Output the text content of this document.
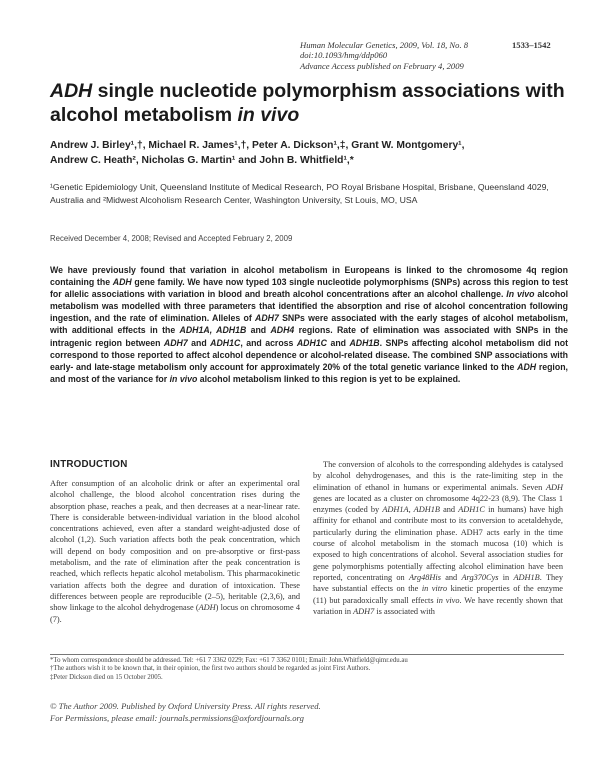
Human Molecular Genetics, 2009, Vol. 18, No. 8	1533–1542
doi:10.1093/hmg/ddp060
Advance Access published on February 4, 2009
ADH single nucleotide polymorphism associations with alcohol metabolism in vivo
Andrew J. Birley¹,†, Michael R. James¹,†, Peter A. Dickson¹,‡, Grant W. Montgomery¹,
Andrew C. Heath², Nicholas G. Martin¹ and John B. Whitfield¹,*
¹Genetic Epidemiology Unit, Queensland Institute of Medical Research, PO Royal Brisbane Hospital, Brisbane, Queensland 4029, Australia and ²Midwest Alcoholism Research Center, Washington University, St Louis, MO, USA
Received December 4, 2008; Revised and Accepted February 2, 2009
We have previously found that variation in alcohol metabolism in Europeans is linked to the chromosome 4q region containing the ADH gene family. We have now typed 103 single nucleotide polymorphisms (SNPs) across this region to test for allelic associations with variation in blood and breath alcohol concentrations after an alcohol challenge. In vivo alcohol metabolism was modelled with three parameters that identified the absorption and rise of alcohol concentration following ingestion, and the rate of elimination. Alleles of ADH7 SNPs were associated with the early stages of alcohol metabolism, with additional effects in the ADH1A, ADH1B and ADH4 regions. Rate of elimination was associated with SNPs in the intragenic region between ADH7 and ADH1C, and across ADH1C and ADH1B. SNPs affecting alcohol metabolism did not correspond to those reported to affect alcohol dependence or alcohol-related disease. The combined SNP associations with early- and late-stage metabolism only account for approximately 20% of the total genetic variance linked to the ADH region, and most of the variance for in vivo alcohol metabolism linked to this region is yet to be explained.
INTRODUCTION
After consumption of an alcoholic drink or after an experimental oral alcohol challenge, the blood alcohol concentration rises during the absorption phase, reaches a peak, and then decreases at a near-linear rate. There is considerable between-individual variation in the blood alcohol concentrations achieved, even after a standard weight-adjusted dose of alcohol (1,2). Such variation affects both the peak concentration, which will depend on body composition and on pre-absorptive or first-pass metabolism, and the rate of elimination after the peak concentration is reached, which reflects hepatic alcohol metabolism. This pharmacokinetic variation affects both the degree and duration of intoxication. These differences between people are reproducible (2–5), heritable (2,3,6), and show linkage to the alcohol dehydrogenase (ADH) locus on chromosome 4 (7).
The conversion of alcohols to the corresponding aldehydes is catalysed by alcohol dehydrogenases, and this is the rate-limiting step in the elimination of ethanol in humans or experimental animals. Seven ADH genes are located as a cluster on chromosome 4q22-23 (8,9). The Class 1 enzymes (coded by ADH1A, ADH1B and ADH1C in humans) have high affinity for ethanol and contribute most to its conversion to acetaldehyde, particularly during the elimination phase. ADH7 acts early in the time course of alcohol metabolism in the stomach mucosa (10) which is exposed to high concentrations of alcohol. Several association studies for gene polymorphisms potentially affecting alcohol elimination have been reported, concentrating on Arg48His and Arg370Cys in ADH1B. They have substantial effects on the in vitro kinetic properties of the enzyme (11) but paradoxically small effects in vivo. We have recently shown that variation in ADH7 is associated with
*To whom correspondence should be addressed. Tel: +61 7 3362 0229; Fax: +61 7 3362 0101; Email: John.Whitfield@qimr.edu.au
†The authors wish it to be known that, in their opinion, the first two authors should be regarded as joint First Authors.
‡Peter Dickson died on 15 October 2005.
© The Author 2009. Published by Oxford University Press. All rights reserved.
For Permissions, please email: journals.permissions@oxfordjournals.org
